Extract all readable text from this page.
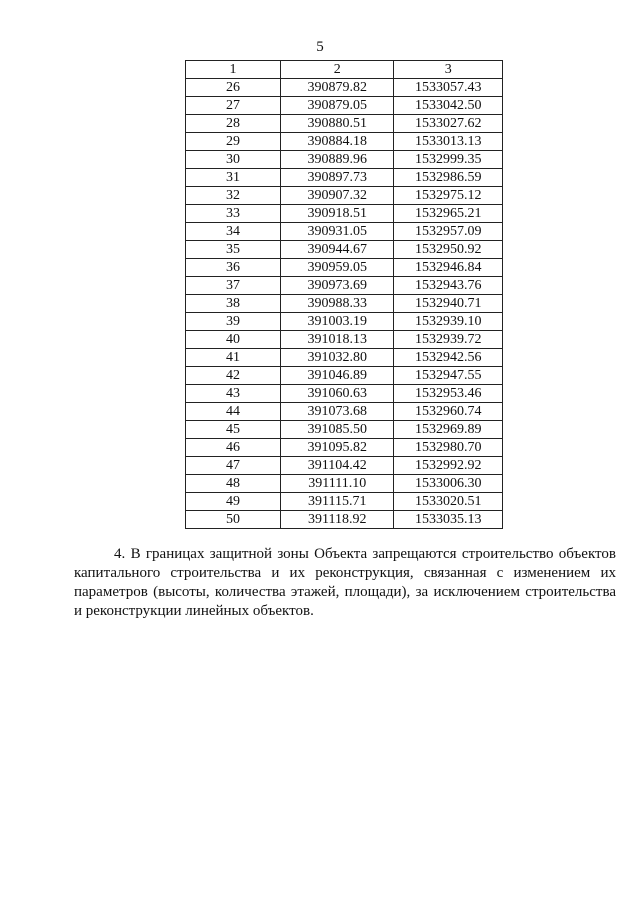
5
1	2	3
26	390879.82	1533057.43
27	390879.05	1533042.50
28	390880.51	1533027.62
29	390884.18	1533013.13
30	390889.96	1532999.35
31	390897.73	1532986.59
32	390907.32	1532975.12
33	390918.51	1532965.21
34	390931.05	1532957.09
35	390944.67	1532950.92
36	390959.05	1532946.84
37	390973.69	1532943.76
38	390988.33	1532940.71
39	391003.19	1532939.10
40	391018.13	1532939.72
41	391032.80	1532942.56
42	391046.89	1532947.55
43	391060.63	1532953.46
44	391073.68	1532960.74
45	391085.50	1532969.89
46	391095.82	1532980.70
47	391104.42	1532992.92
48	391111.10	1533006.30
49	391115.71	1533020.51
50	391118.92	1533035.13

4. В границах защитной зоны Объекта запрещаются строительство объектов капитального строительства и их реконструкция, связанная с изменением их параметров (высоты, количества этажей, площади), за исключением строительства и реконструкции линейных объектов.
